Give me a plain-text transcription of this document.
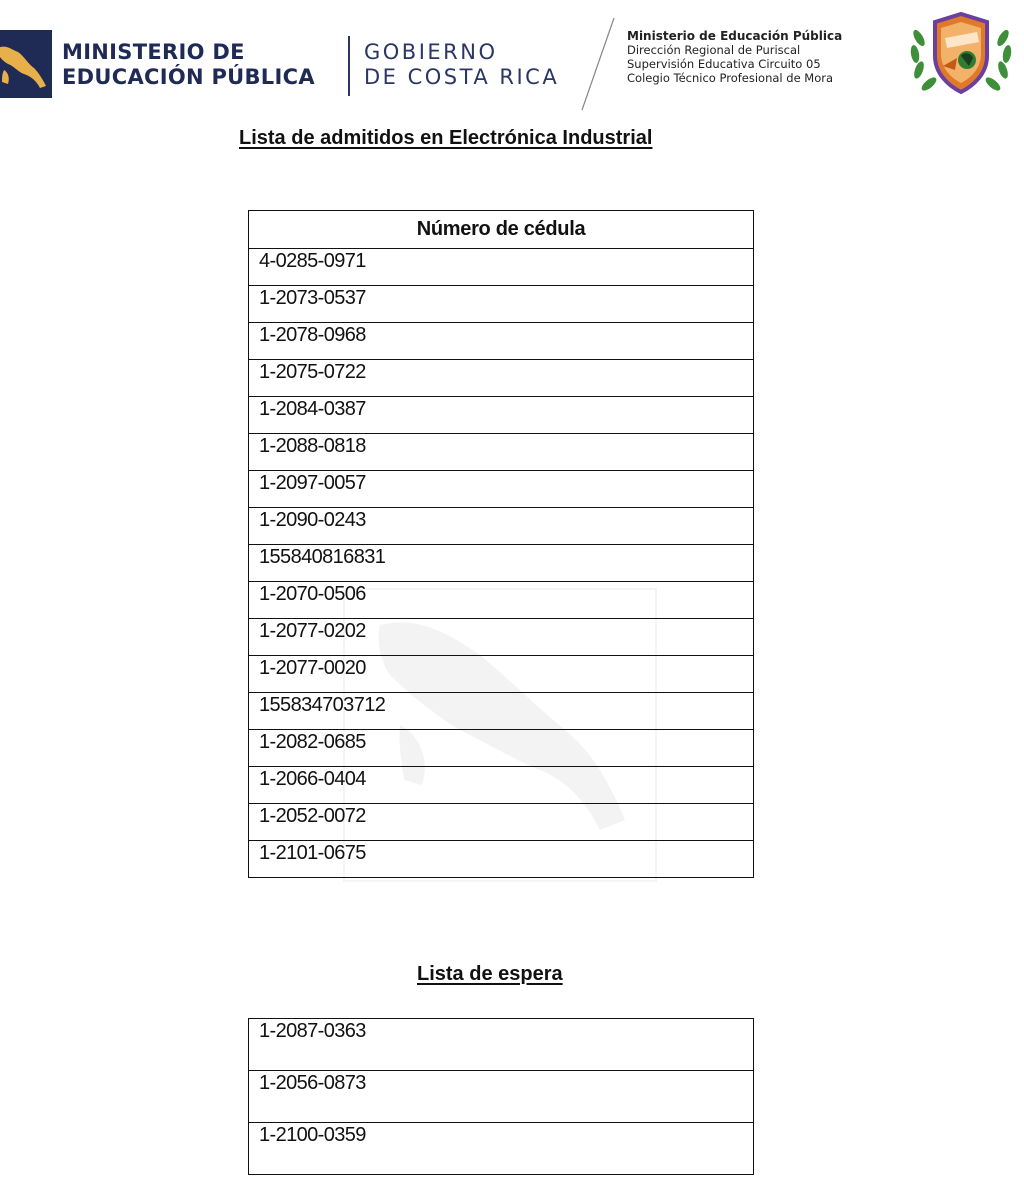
MINISTERIO DE
EDUCACIÓN PÚBLICA
GOBIERNO
DE COSTA RICA
Ministerio de Educación Pública
Dirección Regional de Puriscal
Supervisión Educativa Circuito 05
Colegio Técnico Profesional de Mora
Lista de admitidos en Electrónica Industrial
Número de cédula
4-0285-0971
1-2073-0537
1-2078-0968
1-2075-0722
1-2084-0387
1-2088-0818
1-2097-0057
1-2090-0243
155840816831
1-2070-0506
1-2077-0202
1-2077-0020
155834703712
1-2082-0685
1-2066-0404
1-2052-0072
1-2101-0675
Lista de espera
1-2087-0363
1-2056-0873
1-2100-0359
